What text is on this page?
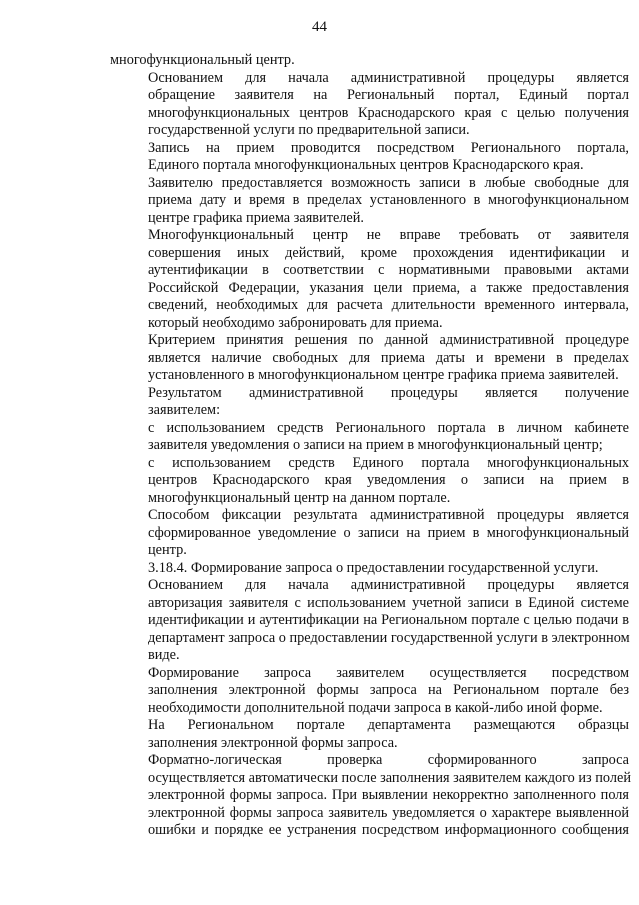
44
многофункциональный центр.
Основанием для начала административной процедуры является
обращение заявителя на Региональный портал, Единый портал
многофункциональных центров Краснодарского края с целью получения
государственной услуги по предварительной записи.
Запись на прием проводится посредством Регионального портала,
Единого портала многофункциональных центров Краснодарского края.
Заявителю предоставляется возможность записи в любые свободные для
приема дату и время в пределах установленного в многофункциональном
центре графика приема заявителей.
Многофункциональный центр не вправе требовать от заявителя
совершения иных действий, кроме прохождения идентификации и
аутентификации в соответствии с нормативными правовыми актами
Российской Федерации, указания цели приема, а также предоставления
сведений, необходимых для расчета длительности временного интервала,
который необходимо забронировать для приема.
Критерием принятия решения по данной административной процедуре
является наличие свободных для приема даты и времени в пределах
установленного в многофункциональном центре графика приема заявителей.
Результатом административной процедуры является получение
заявителем:
с использованием средств Регионального портала в личном кабинете
заявителя уведомления о записи на прием в многофункциональный центр;
с использованием средств Единого портала многофункциональных
центров Краснодарского края уведомления о записи на прием в
многофункциональный центр на данном портале.
Способом фиксации результата административной процедуры является
сформированное уведомление о записи на прием в многофункциональный
центр.
3.18.4. Формирование запроса о предоставлении государственной услуги.
Основанием для начала административной процедуры является
авторизация заявителя с использованием учетной записи в Единой системе
идентификации и аутентификации на Региональном портале с целью подачи в
департамент запроса о предоставлении государственной услуги в электронном
виде.
Формирование запроса заявителем осуществляется посредством
заполнения электронной формы запроса на Региональном портале без
необходимости дополнительной подачи запроса в какой-либо иной форме.
На Региональном портале департамента размещаются образцы
заполнения электронной формы запроса.
Форматно-логическая проверка сформированного запроса
осуществляется автоматически после заполнения заявителем каждого из полей
электронной формы запроса. При выявлении некорректно заполненного поля
электронной формы запроса заявитель уведомляется о характере выявленной
ошибки и порядке ее устранения посредством информационного сообщения
